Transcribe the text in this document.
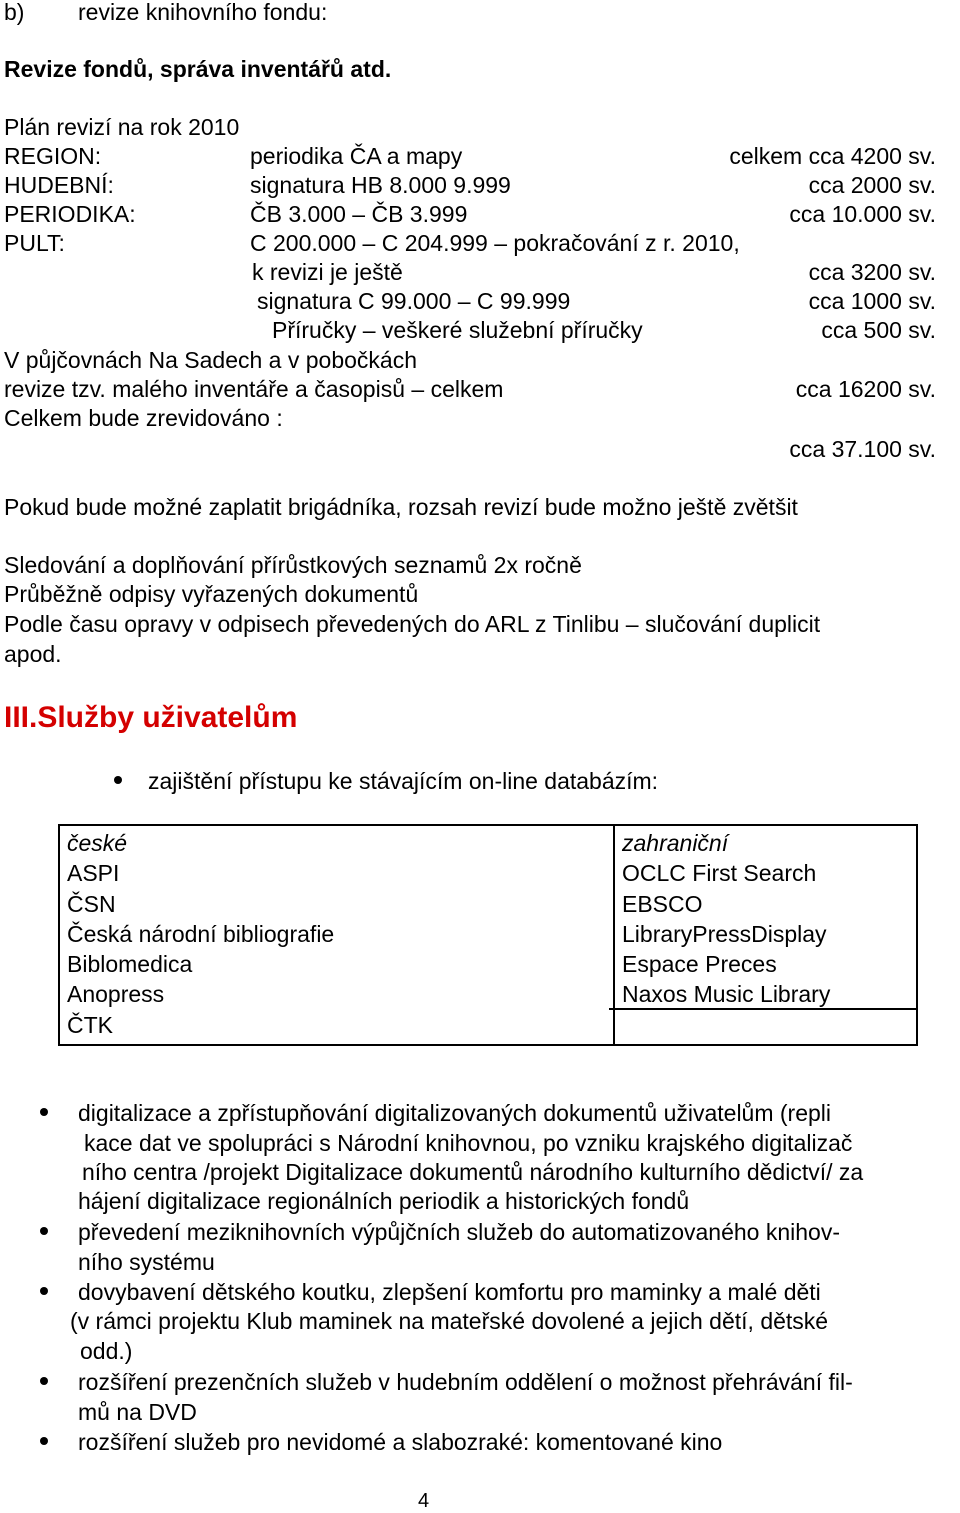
b) revize knihovního fondu:
Revize fondů, správa inventářů atd.
Plán revizí na rok 2010
REGION:	periodika ČA a mapy	celkem cca 4200 sv.
HUDEBNÍ:	signatura HB 8.000 9.999	cca 2000 sv.
PERIODIKA:	ČB 3.000 – ČB 3.999	cca 10.000 sv.
PULT:	C 200.000 – C 204.999 – pokračování z r. 2010,
k revizi je ještě	cca 3200 sv.
signatura C 99.000 – C 99.999	cca 1000 sv.
Příručky – veškeré služební příručky	cca 500 sv.
V půjčovnách Na Sadech a v pobočkách
revize tzv. malého inventáře a časopisů – celkem	cca 16200 sv.
Celkem bude zrevidováno :
cca 37.100 sv.
Pokud bude možné zaplatit brigádníka, rozsah revizí bude možno ještě zvětšit
Sledování a doplňování přírůstkových seznamů 2x ročně
Průběžně odpisy vyřazených dokumentů
Podle času opravy v odpisech převedených do ARL z Tinlibu – slučování duplicit
apod.
III.Služby uživatelům
zajištění přístupu ke stávajícím on-line databázím:
české
ASPI
ČSN
Česká národní bibliografie
Biblomedica
Anopress
ČTK

zahraniční
OCLC First Search
EBSCO
LibraryPressDisplay
Espace Preces
Naxos Music Library
digitalizace a zpřístupňování digitalizovaných dokumentů uživatelům (repli
kace dat ve spolupráci s Národní knihovnou, po vzniku krajského digitalizač
ního centra /projekt Digitalizace dokumentů národního kulturního dědictví/ za
hájení digitalizace regionálních periodik a historických fondů
převedení meziknihovních výpůjčních služeb do automatizovaného knihov-
ního systému
dovybavení dětského koutku, zlepšení komfortu pro maminky a malé děti
(v rámci projektu Klub maminek na mateřské dovolené a jejich dětí, dětské
odd.)
rozšíření prezenčních služeb v hudebním oddělení o možnost přehrávání fil-
mů na DVD
rozšíření služeb pro nevidomé a slabozraké: komentované kino
4
